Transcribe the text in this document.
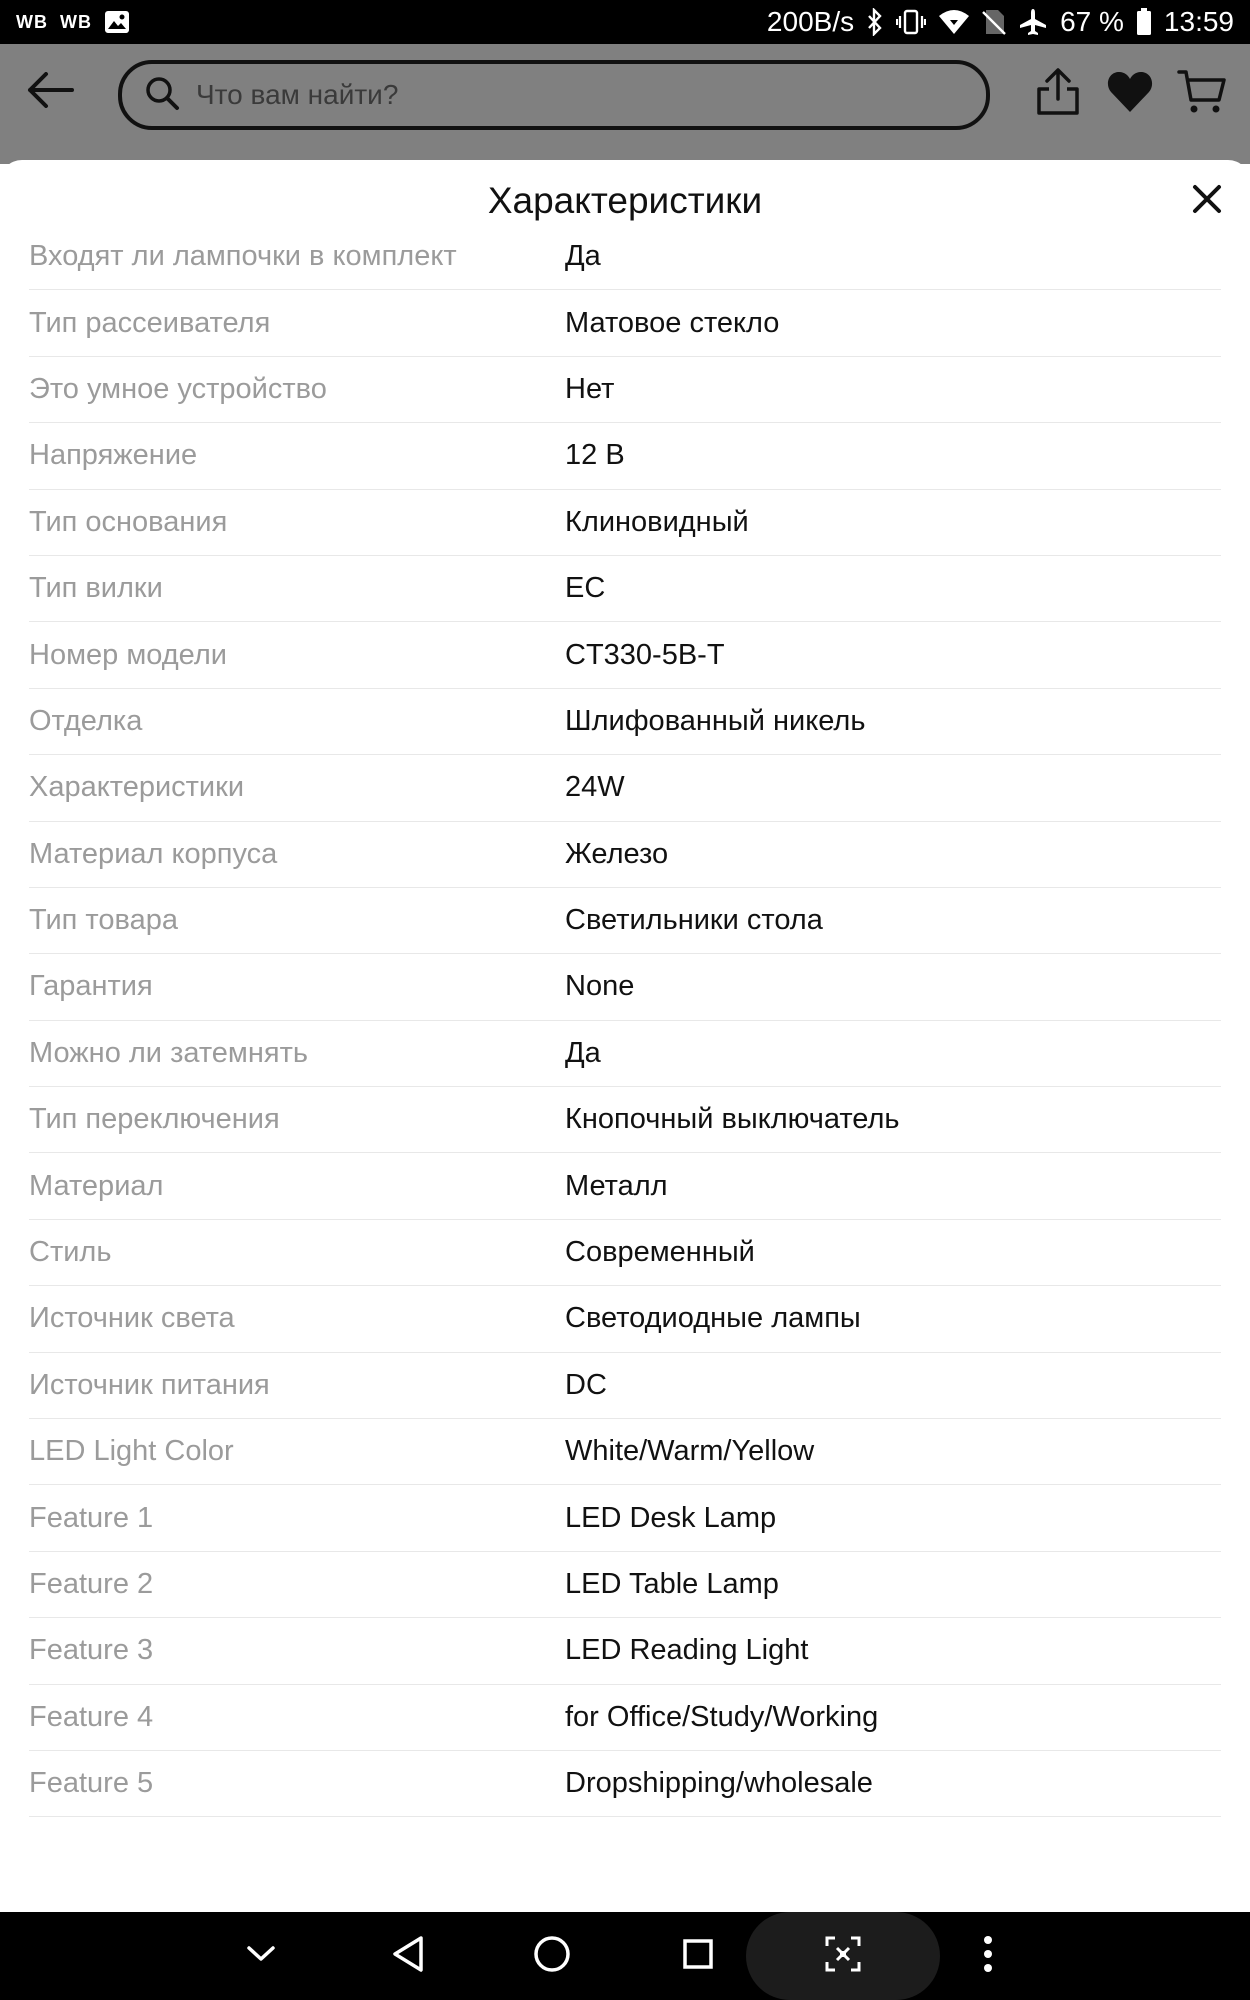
WB WB	200B/s	67 % 13:59
Что вам найти?
Характеристики
Входят ли лампочки в комплект	Да
Тип рассеивателя	Матовое стекло
Это умное устройство	Нет
Напряжение	12 В
Тип основания	Клиновидный
Тип вилки	ЕС
Номер модели	CT330-5B-T
Отделка	Шлифованный никель
Характеристики	24W
Материал корпуса	Железо
Тип товара	Светильники стола
Гарантия	None
Можно ли затемнять	Да
Тип переключения	Кнопочный выключатель
Материал	Металл
Стиль	Современный
Источник света	Светодиодные лампы
Источник питания	DC
LED Light Color	White/Warm/Yellow
Feature 1	LED Desk Lamp
Feature 2	LED Table Lamp
Feature 3	LED Reading Light
Feature 4	for Office/Study/Working
Feature 5	Dropshipping/wholesale
